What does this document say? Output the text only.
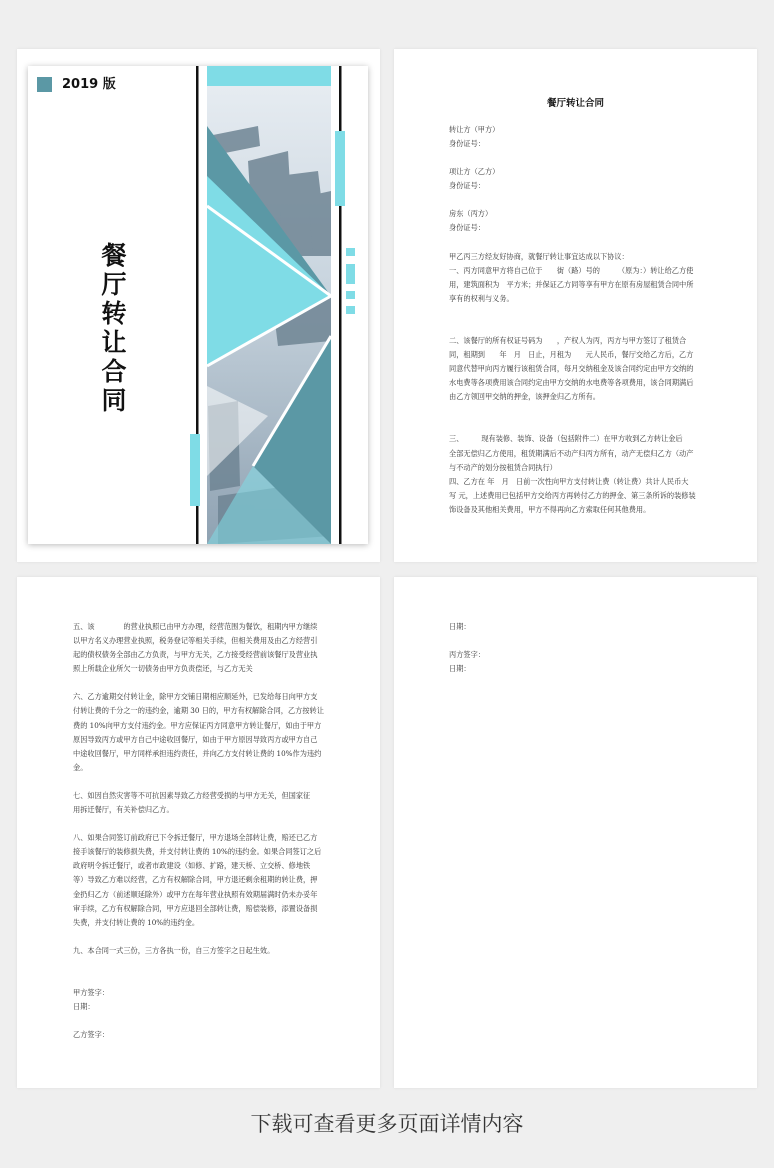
2019 版
餐厅转让合同
餐厅转让合同

转让方（甲方）

身份证号：

项让方（乙方）

身份证号：

房东（丙方）

身份证号：

甲乙丙三方经友好协商，就餐厅转让事宜达成以下协议：

一、丙方同意甲方将自己位于　　街（路）号的　　　（原为：）转让给乙方使

用，建筑面积为　平方米；并保证乙方同等享有甲方在原有房屋租赁合同中所

享有的权利与义务。

二、该餐厅的所有权证号码为　　，产权人为丙，丙方与甲方签订了租赁合

同，租期到　　年　月　日止，月租为　　元人民币，餐厅交给乙方后，乙方

同意代替甲向丙方履行该租赁合同，每月交纳租金及该合同约定由甲方交纳的

水电费等各项费用该合同约定由甲方交纳的水电费等各项费用，该合同期满后

由乙方领回甲交纳的押金，该押金归乙方所有。

三、　　　现有装修、装饰、设备（包括附件二）在甲方收到乙方转让金后

全部无偿归乙方使用，租赁期满后不动产归丙方所有，动产无偿归乙方（动产

与不动产的划分按租赁合同执行）

四、乙方在 年　月　日前一次性向甲方支付转让费（转让费）共计人民币大

写 元，上述费用已包括甲方交给丙方再转付乙方的押金、第三条所诉的装修装

饰设备及其他相关费用，甲方不得再向乙方索取任何其他费用。

五、该　　　　的营业执照已由甲方办理，经营范围为餐饮，租期内甲方继续

以甲方名义办理营业执照，税务登记等相关手续，但相关费用及由乙方经营引

起的债权债务全部由乙方负责，与甲方无关，乙方接受经营前该餐厅及营业执

照上所载企业所欠一切债务由甲方负责偿还，与乙方无关

六、乙方逾期交付转让金，除甲方交铺日期相应顺延外，已发给每日向甲方支

付转让费的千分之一的违约金，逾期 30 日的，甲方有权解除合同，乙方按转让

费的 10%向甲方支付违约金。甲方应保证丙方同意甲方转让餐厅，如由于甲方

原因导致丙方或甲方自己中途收回餐厅，如由于甲方原因导致丙方或甲方自己

中途收回餐厅，甲方同样承担违约责任，并向乙方支付转让费的 10%作为违约

金。

七、如因自然灾害等不可抗因素导致乙方经营受损的与甲方无关，但国家征

用拆迁餐厅，有关补偿归乙方。

八、如果合同签订前政府已下令拆迁餐厅，甲方退场全部转让费，赔还已乙方

接手该餐厅的装修损失费，并支付转让费的 10%的违约金。如果合同签订之后

政府明令拆迁餐厅，或者市政建设（如修、扩路，建天桥、立交桥、修地铁

等）导致乙方难以经营，乙方有权解除合同，甲方退还剩余租期的转让费，押

金扔归乙方（前述顺延除外）或甲方在每年营业执照有效期届满时仍未办妥年

审手续，乙方有权解除合同，甲方应退回全部转让费，赔偿装修，添置设备损

失费，并支付转让费的 10%的违约金。

九、本合同一式三份，三方各执一份，自三方签字之日起生效。

甲方签字：

日期：

乙方签字：

日期：

丙方签字：

日期：

下载可查看更多页面详情内容
